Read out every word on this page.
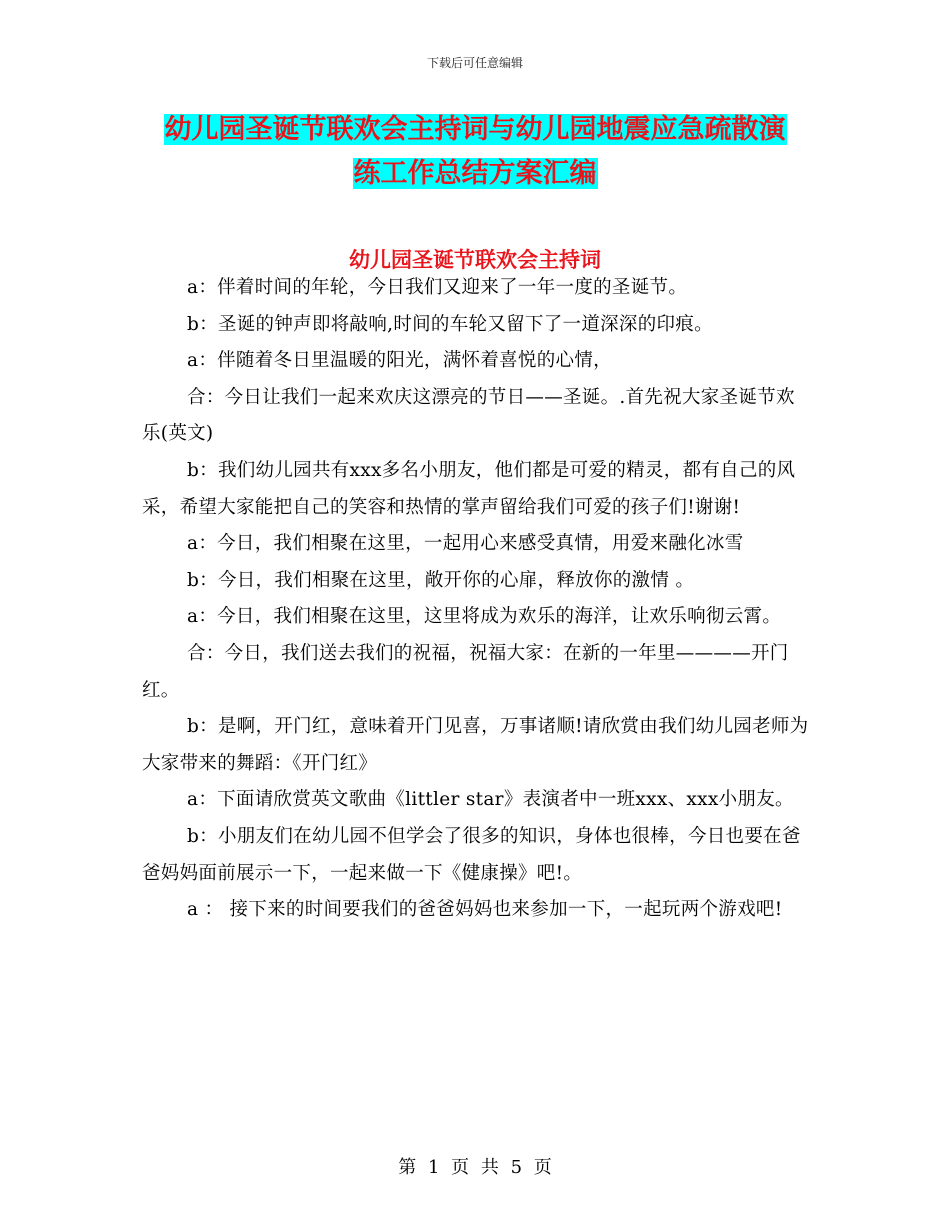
下载后可任意编辑
幼儿园圣诞节联欢会主持词与幼儿园地震应急疏散演
练工作总结方案汇编
幼儿园圣诞节联欢会主持词

a：伴着时间的年轮，今日我们又迎来了一年一度的圣诞节。

b：圣诞的钟声即将敲响,时间的车轮又留下了一道深深的印痕。

a：伴随着冬日里温暖的阳光，满怀着喜悦的心情，

合：今日让我们一起来欢庆这漂亮的节日——圣诞。.首先祝大家圣诞节欢乐(英文)

b：我们幼儿园共有xxx多名小朋友，他们都是可爱的精灵，都有自己的风采，希望大家能把自己的笑容和热情的掌声留给我们可爱的孩子们!谢谢!

a：今日，我们相聚在这里，一起用心来感受真情，用爱来融化冰雪

b：今日，我们相聚在这里，敞开你的心扉，释放你的激情 。

a：今日，我们相聚在这里，这里将成为欢乐的海洋，让欢乐响彻云霄。

合：今日，我们送去我们的祝福，祝福大家：在新的一年里————开门红。

b：是啊，开门红，意味着开门见喜，万事诸顺!请欣赏由我们幼儿园老师为大家带来的舞蹈：《开门红》

a：下面请欣赏英文歌曲《littler star》表演者中一班xxx、xxx小朋友。

b：小朋友们在幼儿园不但学会了很多的知识，身体也很棒，今日也要在爸爸妈妈面前展示一下，一起来做一下《健康操》吧!。

a ： 接下来的时间要我们的爸爸妈妈也来参加一下，一起玩两个游戏吧!

第 1 页 共 5 页
